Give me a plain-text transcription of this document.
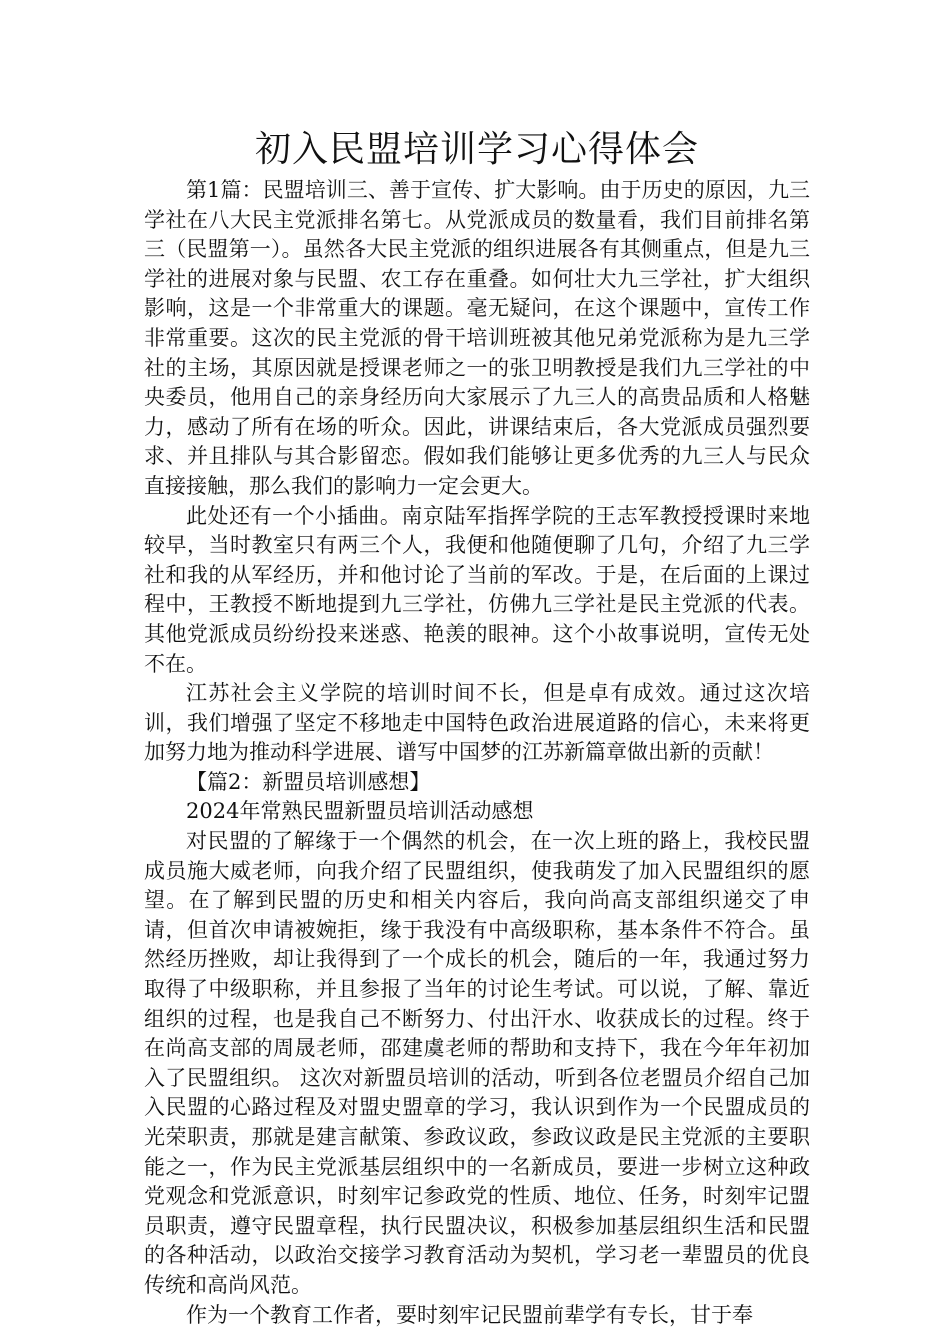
初入民盟培训学习心得体会

第1篇：民盟培训三、善于宣传、扩大影响。由于历史的原因，九三学社在八大民主党派排名第七。从党派成员的数量看，我们目前排名第三（民盟第一）。虽然各大民主党派的组织进展各有其侧重点，但是九三学社的进展对象与民盟、农工存在重叠。如何壮大九三学社，扩大组织影响，这是一个非常重大的课题。毫无疑问，在这个课题中，宣传工作非常重要。这次的民主党派的骨干培训班被其他兄弟党派称为是九三学社的主场，其原因就是授课老师之一的张卫明教授是我们九三学社的中央委员，他用自己的亲身经历向大家展示了九三人的高贵品质和人格魅力，感动了所有在场的听众。因此，讲课结束后，各大党派成员强烈要求、并且排队与其合影留恋。假如我们能够让更多优秀的九三人与民众直接接触，那么我们的影响力一定会更大。

此处还有一个小插曲。南京陆军指挥学院的王志军教授授课时来地较早，当时教室只有两三个人，我便和他随便聊了几句，介绍了九三学社和我的从军经历，并和他讨论了当前的军改。于是，在后面的上课过程中，王教授不断地提到九三学社，仿佛九三学社是民主党派的代表。其他党派成员纷纷投来迷惑、艳羡的眼神。这个小故事说明，宣传无处不在。

江苏社会主义学院的培训时间不长，但是卓有成效。通过这次培训，我们增强了坚定不移地走中国特色政治进展道路的信心，未来将更加努力地为推动科学进展、谱写中国梦的江苏新篇章做出新的贡献！

【篇2：新盟员培训感想】

2024年常熟民盟新盟员培训活动感想

对民盟的了解缘于一个偶然的机会，在一次上班的路上，我校民盟成员施大威老师，向我介绍了民盟组织，使我萌发了加入民盟组织的愿望。在了解到民盟的历史和相关内容后，我向尚高支部组织递交了申请，但首次申请被婉拒，缘于我没有中高级职称，基本条件不符合。虽然经历挫败，却让我得到了一个成长的机会，随后的一年，我通过努力取得了中级职称，并且参报了当年的讨论生考试。可以说，了解、靠近组织的过程，也是我自己不断努力、付出汗水、收获成长的过程。终于在尚高支部的周晟老师，邵建虞老师的帮助和支持下，我在今年年初加入了民盟组织。 这次对新盟员培训的活动，听到各位老盟员介绍自己加入民盟的心路过程及对盟史盟章的学习，我认识到作为一个民盟成员的光荣职责，那就是建言献策、参政议政，参政议政是民主党派的主要职能之一，作为民主党派基层组织中的一名新成员，要进一步树立这种政党观念和党派意识，时刻牢记参政党的性质、地位、任务，时刻牢记盟员职责，遵守民盟章程，执行民盟决议，积极参加基层组织生活和民盟的各种活动，以政治交接学习教育活动为契机，学习老一辈盟员的优良传统和高尚风范。

作为一个教育工作者，要时刻牢记民盟前辈学有专长，甘于奉
